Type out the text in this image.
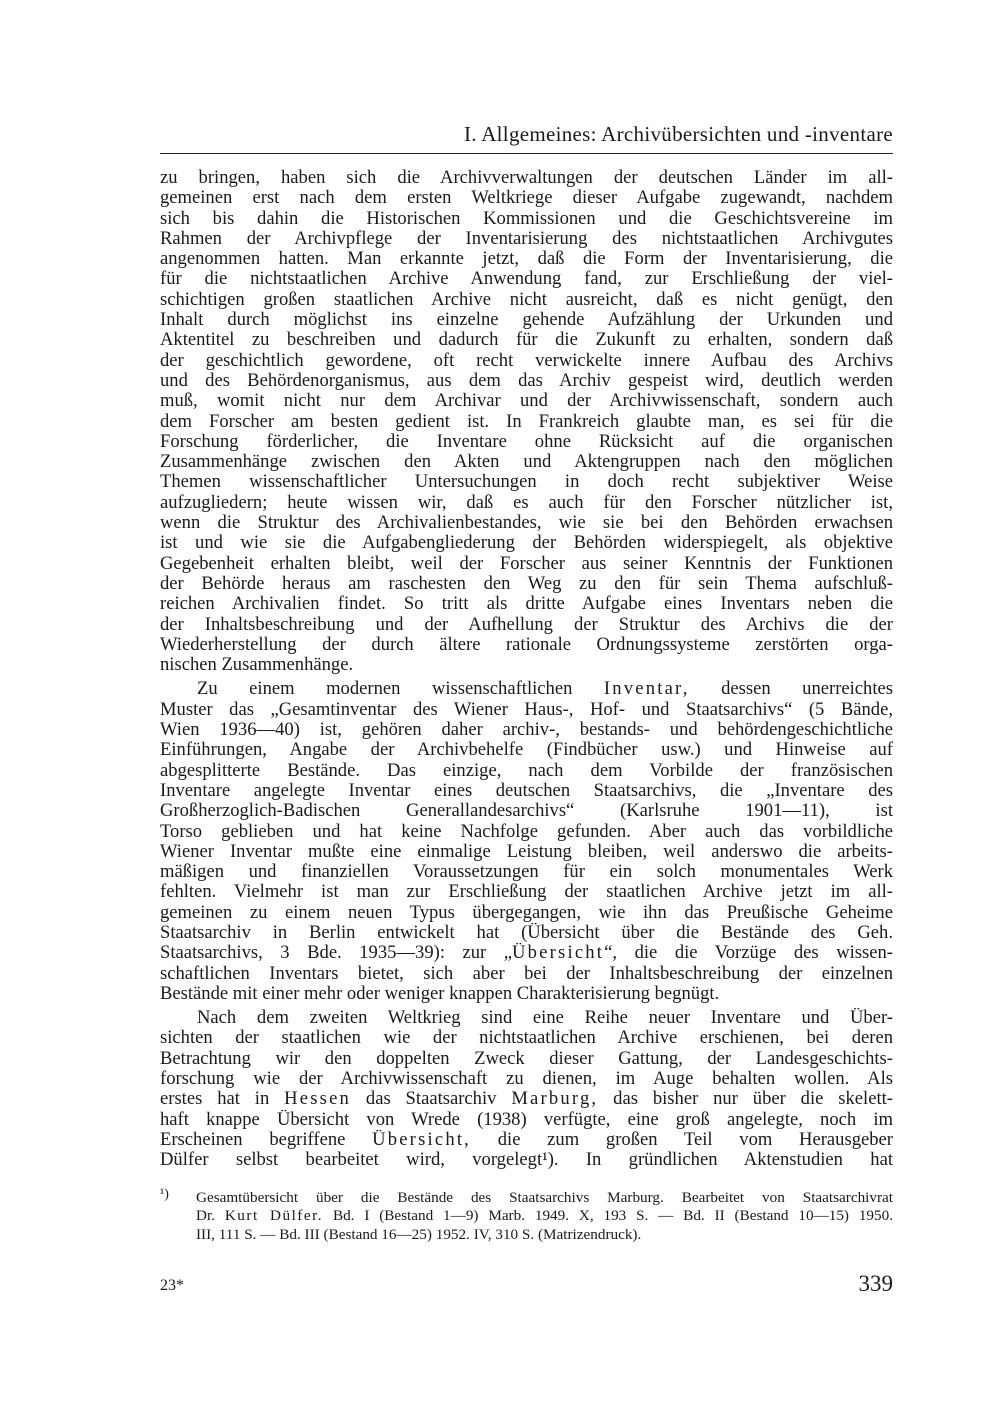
I. Allgemeines: Archivübersichten und -inventare
zu bringen, haben sich die Archivverwaltungen der deutschen Länder im all-
gemeinen erst nach dem ersten Weltkriege dieser Aufgabe zugewandt, nachdem
sich bis dahin die Historischen Kommissionen und die Geschichtsvereine im
Rahmen der Archivpflege der Inventarisierung des nichtstaatlichen Archivgutes
angenommen hatten. Man erkannte jetzt, daß die Form der Inventarisierung, die
für die nichtstaatlichen Archive Anwendung fand, zur Erschließung der viel-
schichtigen großen staatlichen Archive nicht ausreicht, daß es nicht genügt, den
Inhalt durch möglichst ins einzelne gehende Aufzählung der Urkunden und
Aktentitel zu beschreiben und dadurch für die Zukunft zu erhalten, sondern daß
der geschichtlich gewordene, oft recht verwickelte innere Aufbau des Archivs
und des Behördenorganismus, aus dem das Archiv gespeist wird, deutlich werden
muß, womit nicht nur dem Archivar und der Archivwissenschaft, sondern auch
dem Forscher am besten gedient ist. In Frankreich glaubte man, es sei für die
Forschung förderlicher, die Inventare ohne Rücksicht auf die organischen
Zusammenhänge zwischen den Akten und Aktengruppen nach den möglichen
Themen wissenschaftlicher Untersuchungen in doch recht subjektiver Weise
aufzugliedern; heute wissen wir, daß es auch für den Forscher nützlicher ist,
wenn die Struktur des Archivalienbestandes, wie sie bei den Behörden erwachsen
ist und wie sie die Aufgabengliederung der Behörden widerspiegelt, als objektive
Gegebenheit erhalten bleibt, weil der Forscher aus seiner Kenntnis der Funktionen
der Behörde heraus am raschesten den Weg zu den für sein Thema aufschluß-
reichen Archivalien findet. So tritt als dritte Aufgabe eines Inventars neben die
der Inhaltsbeschreibung und der Aufhellung der Struktur des Archivs die der
Wiederherstellung der durch ältere rationale Ordnungssysteme zerstörten orga-
nischen Zusammenhänge.
Zu einem modernen wissenschaftlichen Inventar, dessen unerreichtes
Muster das „Gesamtinventar des Wiener Haus-, Hof- und Staatsarchivs“ (5 Bände,
Wien 1936—40) ist, gehören daher archiv-, bestands- und behördengeschichtliche
Einführungen, Angabe der Archivbehelfe (Findbücher usw.) und Hinweise auf
abgesplitterte Bestände. Das einzige, nach dem Vorbilde der französischen
Inventare angelegte Inventar eines deutschen Staatsarchivs, die „Inventare des
Großherzoglich-Badischen Generallandesarchivs“ (Karlsruhe 1901—11), ist
Torso geblieben und hat keine Nachfolge gefunden. Aber auch das vorbildliche
Wiener Inventar mußte eine einmalige Leistung bleiben, weil anderswo die arbeits-
mäßigen und finanziellen Voraussetzungen für ein solch monumentales Werk
fehlten. Vielmehr ist man zur Erschließung der staatlichen Archive jetzt im all-
gemeinen zu einem neuen Typus übergegangen, wie ihn das Preußische Geheime
Staatsarchiv in Berlin entwickelt hat (Übersicht über die Bestände des Geh.
Staatsarchivs, 3 Bde. 1935—39): zur „Übersicht“, die die Vorzüge des wissen-
schaftlichen Inventars bietet, sich aber bei der Inhaltsbeschreibung der einzelnen
Bestände mit einer mehr oder weniger knappen Charakterisierung begnügt.
Nach dem zweiten Weltkrieg sind eine Reihe neuer Inventare und Über-
sichten der staatlichen wie der nichtstaatlichen Archive erschienen, bei deren
Betrachtung wir den doppelten Zweck dieser Gattung, der Landesgeschichts-
forschung wie der Archivwissenschaft zu dienen, im Auge behalten wollen. Als
erstes hat in Hessen das Staatsarchiv Marburg, das bisher nur über die skelett-
haft knappe Übersicht von Wrede (1938) verfügte, eine groß angelegte, noch im
Erscheinen begriffene Übersicht, die zum großen Teil vom Herausgeber
Dülfer selbst bearbeitet wird, vorgelegt¹). In gründlichen Aktenstudien hat
¹) Gesamtübersicht über die Bestände des Staatsarchivs Marburg. Bearbeitet von Staatsarchivrat
Dr. Kurt Dülfer. Bd. I (Bestand 1—9) Marb. 1949. X, 193 S. — Bd. II (Bestand 10—15) 1950.
III, 111 S. — Bd. III (Bestand 16—25) 1952. IV, 310 S. (Matrizendruck).
23*	339
